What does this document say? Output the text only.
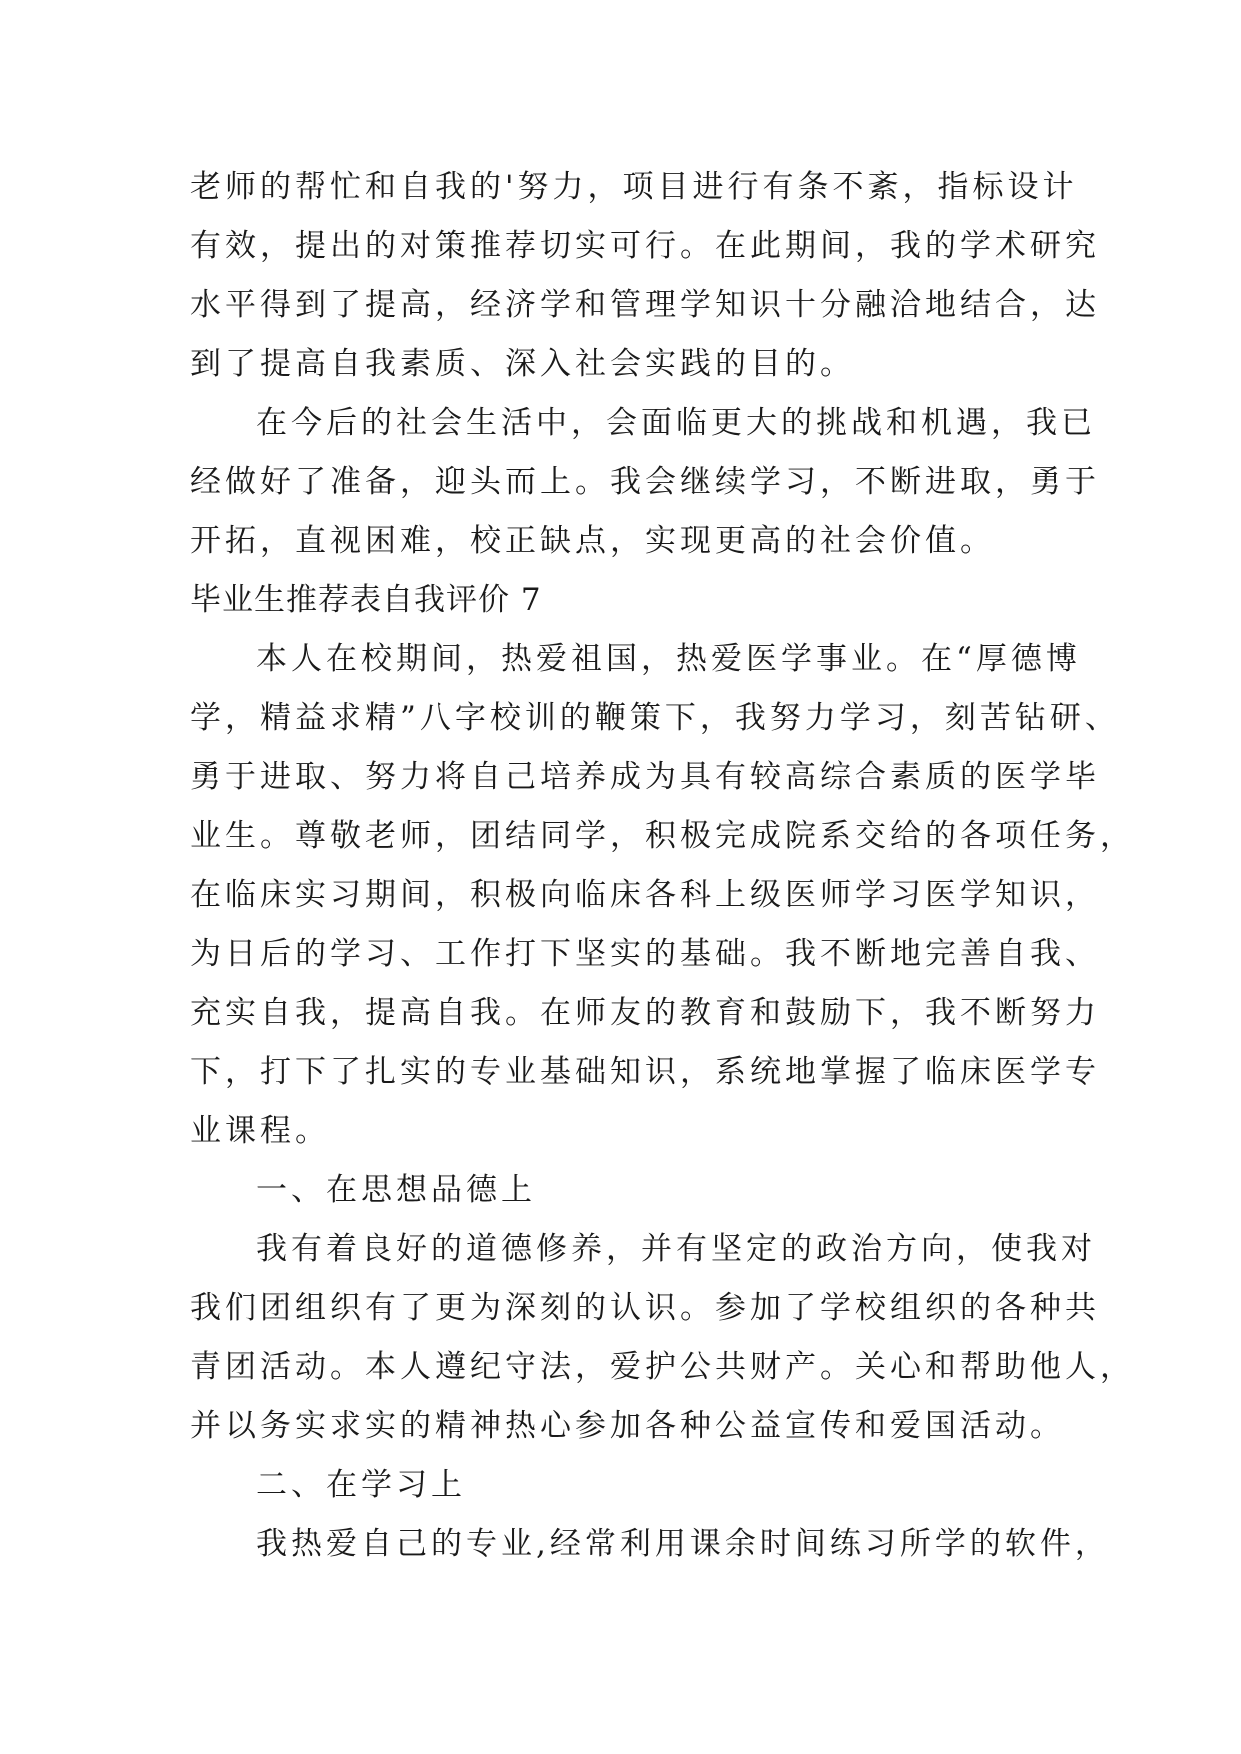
老师的帮忙和自我的'努力，项目进行有条不紊，指标设计
有效，提出的对策推荐切实可行。在此期间，我的学术研究
水平得到了提高，经济学和管理学知识十分融洽地结合，达
到了提高自我素质、深入社会实践的目的。
在今后的社会生活中，会面临更大的挑战和机遇，我已
经做好了准备，迎头而上。我会继续学习，不断进取，勇于
开拓，直视困难，校正缺点，实现更高的社会价值。
毕业生推荐表自我评价 7
本人在校期间，热爱祖国，热爱医学事业。在“厚德博
学，精益求精”八字校训的鞭策下，我努力学习，刻苦钻研、
勇于进取、努力将自己培养成为具有较高综合素质的医学毕
业生。尊敬老师，团结同学，积极完成院系交给的各项任务，
在临床实习期间，积极向临床各科上级医师学习医学知识，
为日后的学习、工作打下坚实的基础。我不断地完善自我、
充实自我，提高自我。在师友的教育和鼓励下，我不断努力
下，打下了扎实的专业基础知识，系统地掌握了临床医学专
业课程。
一、在思想品德上
我有着良好的道德修养，并有坚定的政治方向，使我对
我们团组织有了更为深刻的认识。参加了学校组织的各种共
青团活动。本人遵纪守法，爱护公共财产。关心和帮助他人，
并以务实求实的精神热心参加各种公益宣传和爱国活动。
二、在学习上
我热爱自己的专业,经常利用课余时间练习所学的软件，
